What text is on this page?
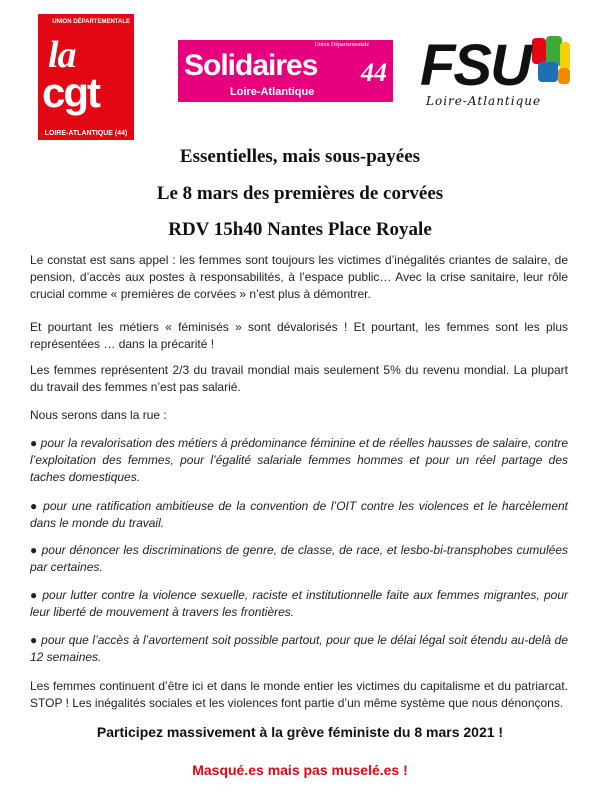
UNION DÉPARTEMENTALE
la
cgt
LOIRE-ATLANTIQUE (44)
Union Départementale
Solidaires 44
Loire-Atlantique FSU
Loire-Atlantique
Essentielles, mais sous-payées
Le 8 mars des premières de corvées
RDV 15h40 Nantes Place Royale
Le constat est sans appel : les femmes sont toujours les victimes d’inégalités criantes de salaire, de pension, d’accès aux postes à responsabilités, à l’espace public… Avec la crise sanitaire, leur rôle crucial comme « premières de corvées » n’est plus à démontrer.
Et pourtant les métiers « féminisés » sont dévalorisés ! Et pourtant, les femmes sont les plus représentées … dans la précarité !
Les femmes représentent 2/3 du travail mondial mais seulement 5% du revenu mondial. La plupart du travail des femmes n’est pas salarié.
Nous serons dans la rue :
● pour la revalorisation des métiers à prédominance féminine et de réelles hausses de salaire, contre l’exploitation des femmes, pour l’égalité salariale femmes hommes et pour un réel partage des taches domestiques.
● pour une ratification ambitieuse de la convention de l’OIT contre les violences et le harcèlement dans le monde du travail.
● pour dénoncer les discriminations de genre, de classe, de race, et lesbo-bi-transphobes cumulées par certaines.
● pour lutter contre la violence sexuelle, raciste et institutionnelle faite aux femmes migrantes, pour leur liberté de mouvement à travers les frontières.
● pour que l’accès à l’avortement soit possible partout, pour que le délai légal soit étendu au-delà de 12 semaines.
Les femmes continuent d’être ici et dans le monde entier les victimes du capitalisme et du patriarcat. STOP ! Les inégalités sociales et les violences font partie d’un même système que nous dénonçons.
Participez massivement à la grève féministe du 8 mars 2021 !
Masqué.es mais pas muselé.es !
